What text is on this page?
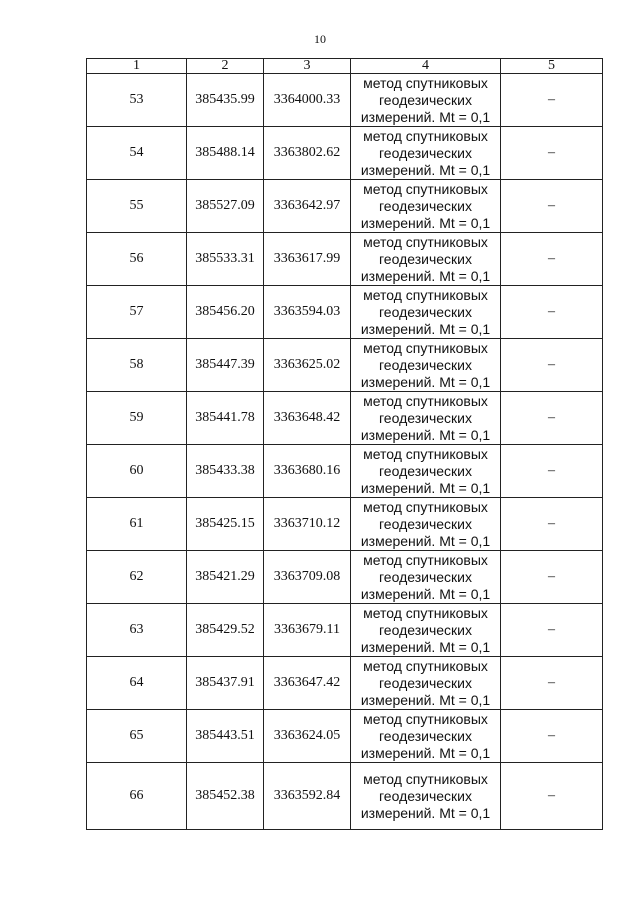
10
1	2	3	4	5
53	385435.99	3364000.33	метод спутниковых
геодезических
измерений. Mt = 0,1	–
54	385488.14	3363802.62	метод спутниковых
геодезических
измерений. Mt = 0,1	–
55	385527.09	3363642.97	метод спутниковых
геодезических
измерений. Mt = 0,1	–
56	385533.31	3363617.99	метод спутниковых
геодезических
измерений. Mt = 0,1	–
57	385456.20	3363594.03	метод спутниковых
геодезических
измерений. Mt = 0,1	–
58	385447.39	3363625.02	метод спутниковых
геодезических
измерений. Mt = 0,1	–
59	385441.78	3363648.42	метод спутниковых
геодезических
измерений. Mt = 0,1	–
60	385433.38	3363680.16	метод спутниковых
геодезических
измерений. Mt = 0,1	–
61	385425.15	3363710.12	метод спутниковых
геодезических
измерений. Mt = 0,1	–
62	385421.29	3363709.08	метод спутниковых
геодезических
измерений. Mt = 0,1	–
63	385429.52	3363679.11	метод спутниковых
геодезических
измерений. Mt = 0,1	–
64	385437.91	3363647.42	метод спутниковых
геодезических
измерений. Mt = 0,1	–
65	385443.51	3363624.05	метод спутниковых
геодезических
измерений. Mt = 0,1	–
66	385452.38	3363592.84	метод спутниковых
геодезических
измерений. Mt = 0,1	–
